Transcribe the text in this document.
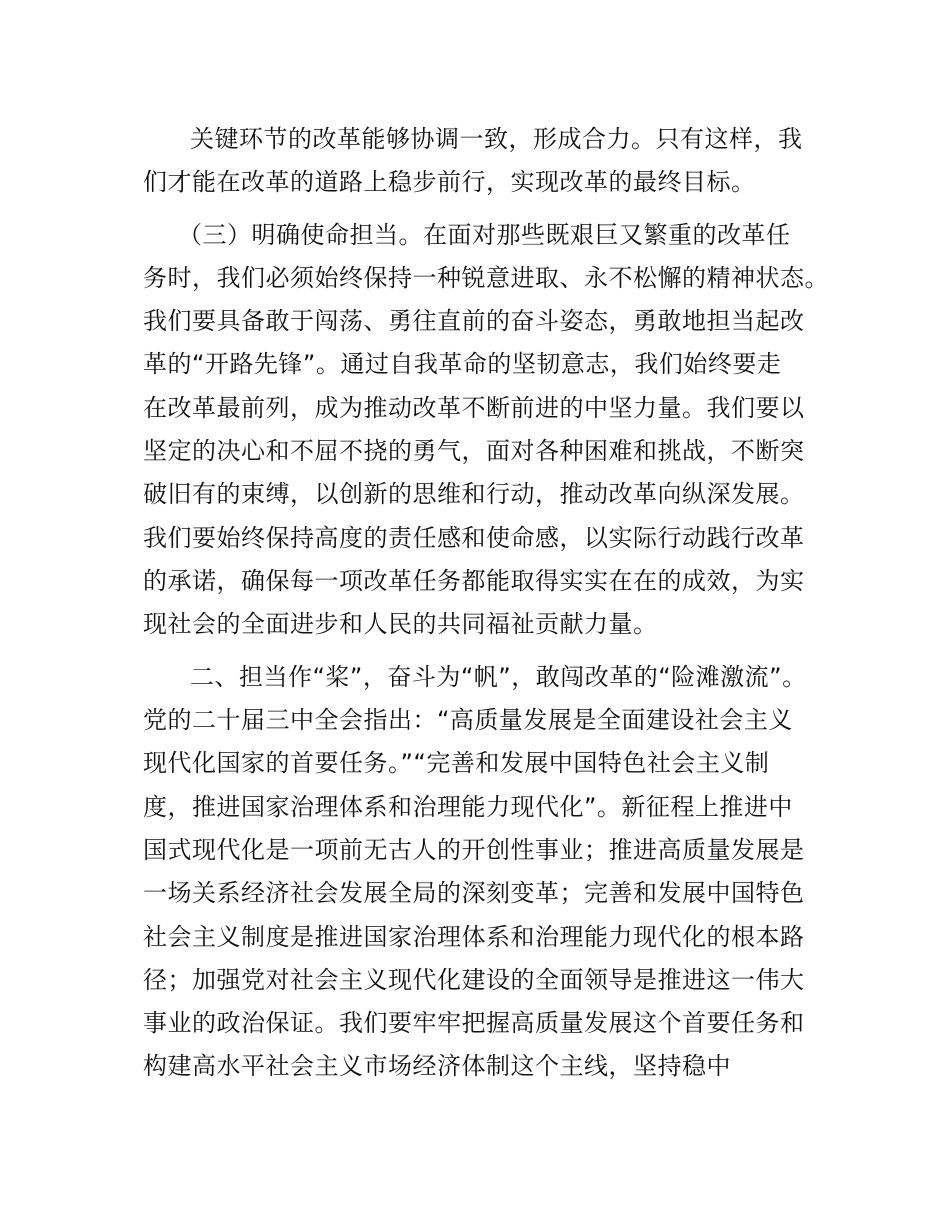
关键环节的改革能够协调一致，形成合力。只有这样，我

们才能在改革的道路上稳步前行，实现改革的最终目标。

（三）明确使命担当。在面对那些既艰巨又繁重的改革任

务时，我们必须始终保持一种锐意进取、永不松懈的精神状态。

我们要具备敢于闯荡、勇往直前的奋斗姿态，勇敢地担当起改

革的“开路先锋”。通过自我革命的坚韧意志，我们始终要走

在改革最前列，成为推动改革不断前进的中坚力量。我们要以

坚定的决心和不屈不挠的勇气，面对各种困难和挑战，不断突

破旧有的束缚，以创新的思维和行动，推动改革向纵深发展。

我们要始终保持高度的责任感和使命感，以实际行动践行改革

的承诺，确保每一项改革任务都能取得实实在在的成效，为实

现社会的全面进步和人民的共同福祉贡献力量。

二、担当作“桨”，奋斗为“帆”，敢闯改革的“险滩激流”。

党的二十届三中全会指出：“高质量发展是全面建设社会主义

现代化国家的首要任务。”“完善和发展中国特色社会主义制

度，推进国家治理体系和治理能力现代化”。新征程上推进中

国式现代化是一项前无古人的开创性事业；推进高质量发展是

一场关系经济社会发展全局的深刻变革；完善和发展中国特色

社会主义制度是推进国家治理体系和治理能力现代化的根本路

径；加强党对社会主义现代化建设的全面领导是推进这一伟大

事业的政治保证。我们要牢牢把握高质量发展这个首要任务和

构建高水平社会主义市场经济体制这个主线，坚持稳中
